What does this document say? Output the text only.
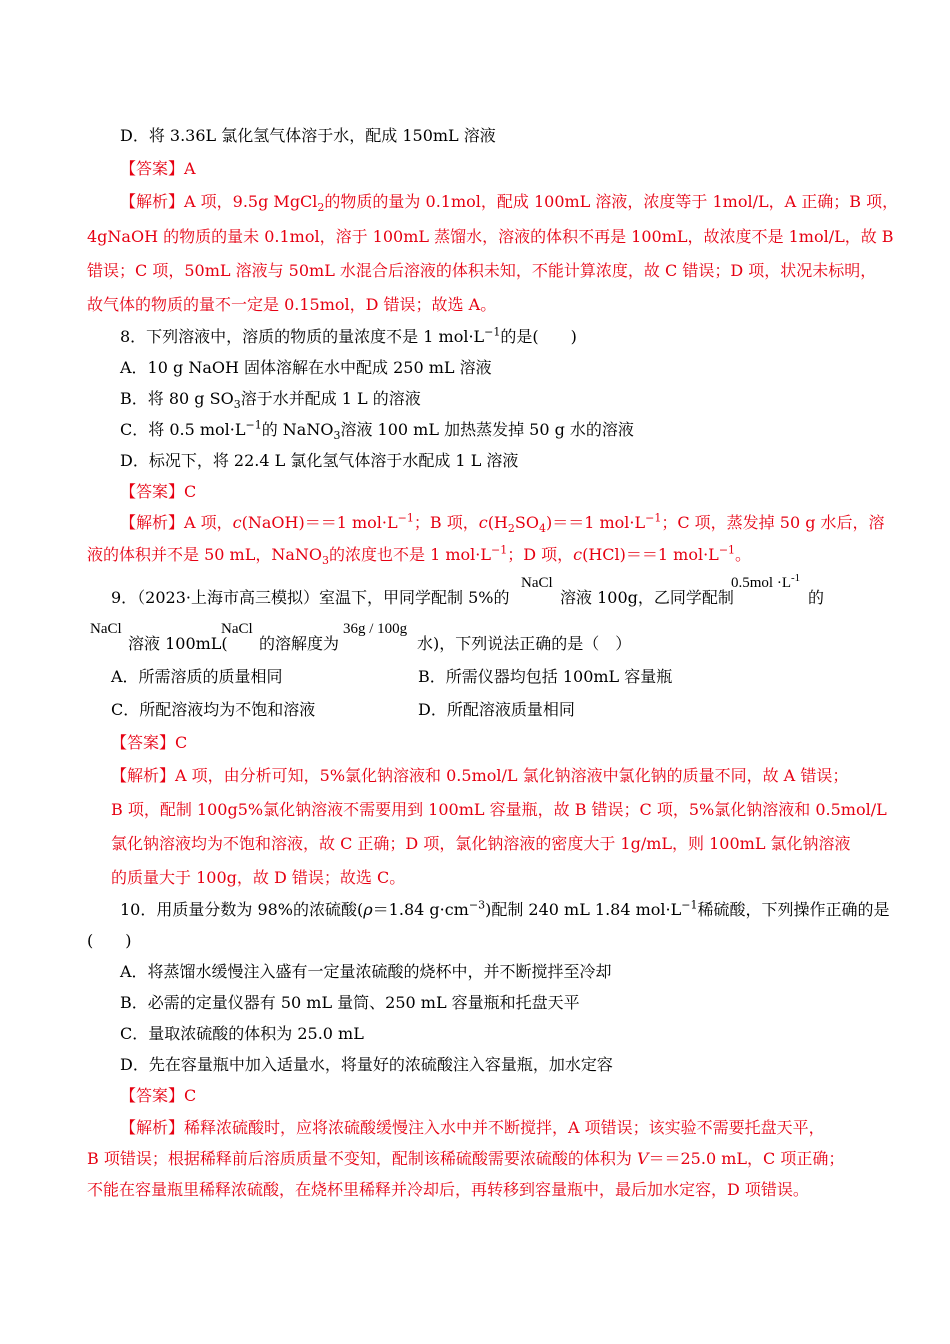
D．将 3.36L 氯化氢气体溶于水，配成 150mL 溶液
【答案】A
【解析】A 项，9.5g MgCl$_2$的物质的量为 0.1mol，配成 100mL 溶液，浓度等于 1mol/L，A 正确；B 项，
4gNaOH 的物质的量未 0.1mol，溶于 100mL 蒸馏水，溶液的体积不再是 100mL，故浓度不是 1mol/L，故 B
错误；C 项，50mL 溶液与 50mL 水混合后溶液的体积未知，不能计算浓度，故 C 错误；D 项，状况未标明，
故气体的物质的量不一定是 0.15mol，D 错误；故选 A。
8．下列溶液中，溶质的物质的量浓度不是 1 $mol\cdot L^{-1}$的是(　　)
A．10 g NaOH 固体溶解在水中配成 250 mL 溶液
B．将 80 g $SO_3$溶于水并配成 1 L 的溶液
C．将 0.5 $mol\cdot L^{-1}$的 NaNO$_3$溶液 100 mL 加热蒸发掉 50 g 水的溶液
D．标况下，将 22.4 L 氯化氢气体溶于水配成 1 L 溶液
【答案】C
【解析】A 项，c(NaOH)＝＝1 $mol\cdot L^{-1}$；B 项，$c(H_2SO_4)==1$ $mol\cdot L^{-1}$；C 项，蒸发掉 50 g 水后，溶
液的体积并不是 50 mL，NaNO$_3$的浓度也不是 1 $mol\cdot L^{-1}$；D 项，c(HCl)＝＝1 $mol\cdot L^{-1}$。
9．（2023·上海市高三模拟）室温下，甲同学配制 5%的
NaCl
溶液 100g，乙同学配制
$0.5mol \cdot L^{-1}$
的
NaCl
溶液 100mL(
NaCl
的溶解度为
36g / 100g
水)，下列说法正确的是（　）
A．所需溶质的质量相同	B．所需仪器均包括 100mL 容量瓶
C．所配溶液均为不饱和溶液	D．所配溶液质量相同
【答案】C
【解析】A 项，由分析可知，5%氯化钠溶液和 0.5mol/L 氯化钠溶液中氯化钠的质量不同，故 A 错误；
B 项，配制 100g5%氯化钠溶液不需要用到 100mL 容量瓶，故 B 错误；C 项，5%氯化钠溶液和 0.5mol/L
氯化钠溶液均为不饱和溶液，故 C 正确；D 项，氯化钠溶液的密度大于 1g/mL，则 100mL 氯化钠溶液
的质量大于 100g，故 D 错误；故选 C。
10．用质量分数为 98%的浓硫酸(ρ＝1.84 $g\cdot cm^{-3}$)配制 240 mL 1.84 $mol\cdot L^{-1}$稀硫酸，下列操作正确的是
(　　)
A．将蒸馏水缓慢注入盛有一定量浓硫酸的烧杯中，并不断搅拌至冷却
B．必需的定量仪器有 50 mL 量筒、250 mL 容量瓶和托盘天平
C．量取浓硫酸的体积为 25.0 mL
D．先在容量瓶中加入适量水，将量好的浓硫酸注入容量瓶，加水定容
【答案】C
【解析】稀释浓硫酸时，应将浓硫酸缓慢注入水中并不断搅拌，A 项错误；该实验不需要托盘天平，
B 项错误；根据稀释前后溶质质量不变知，配制该稀硫酸需要浓硫酸的体积为 V＝＝25.0 mL，C 项正确；
不能在容量瓶里稀释浓硫酸，在烧杯里稀释并冷却后，再转移到容量瓶中，最后加水定容，D 项错误。
